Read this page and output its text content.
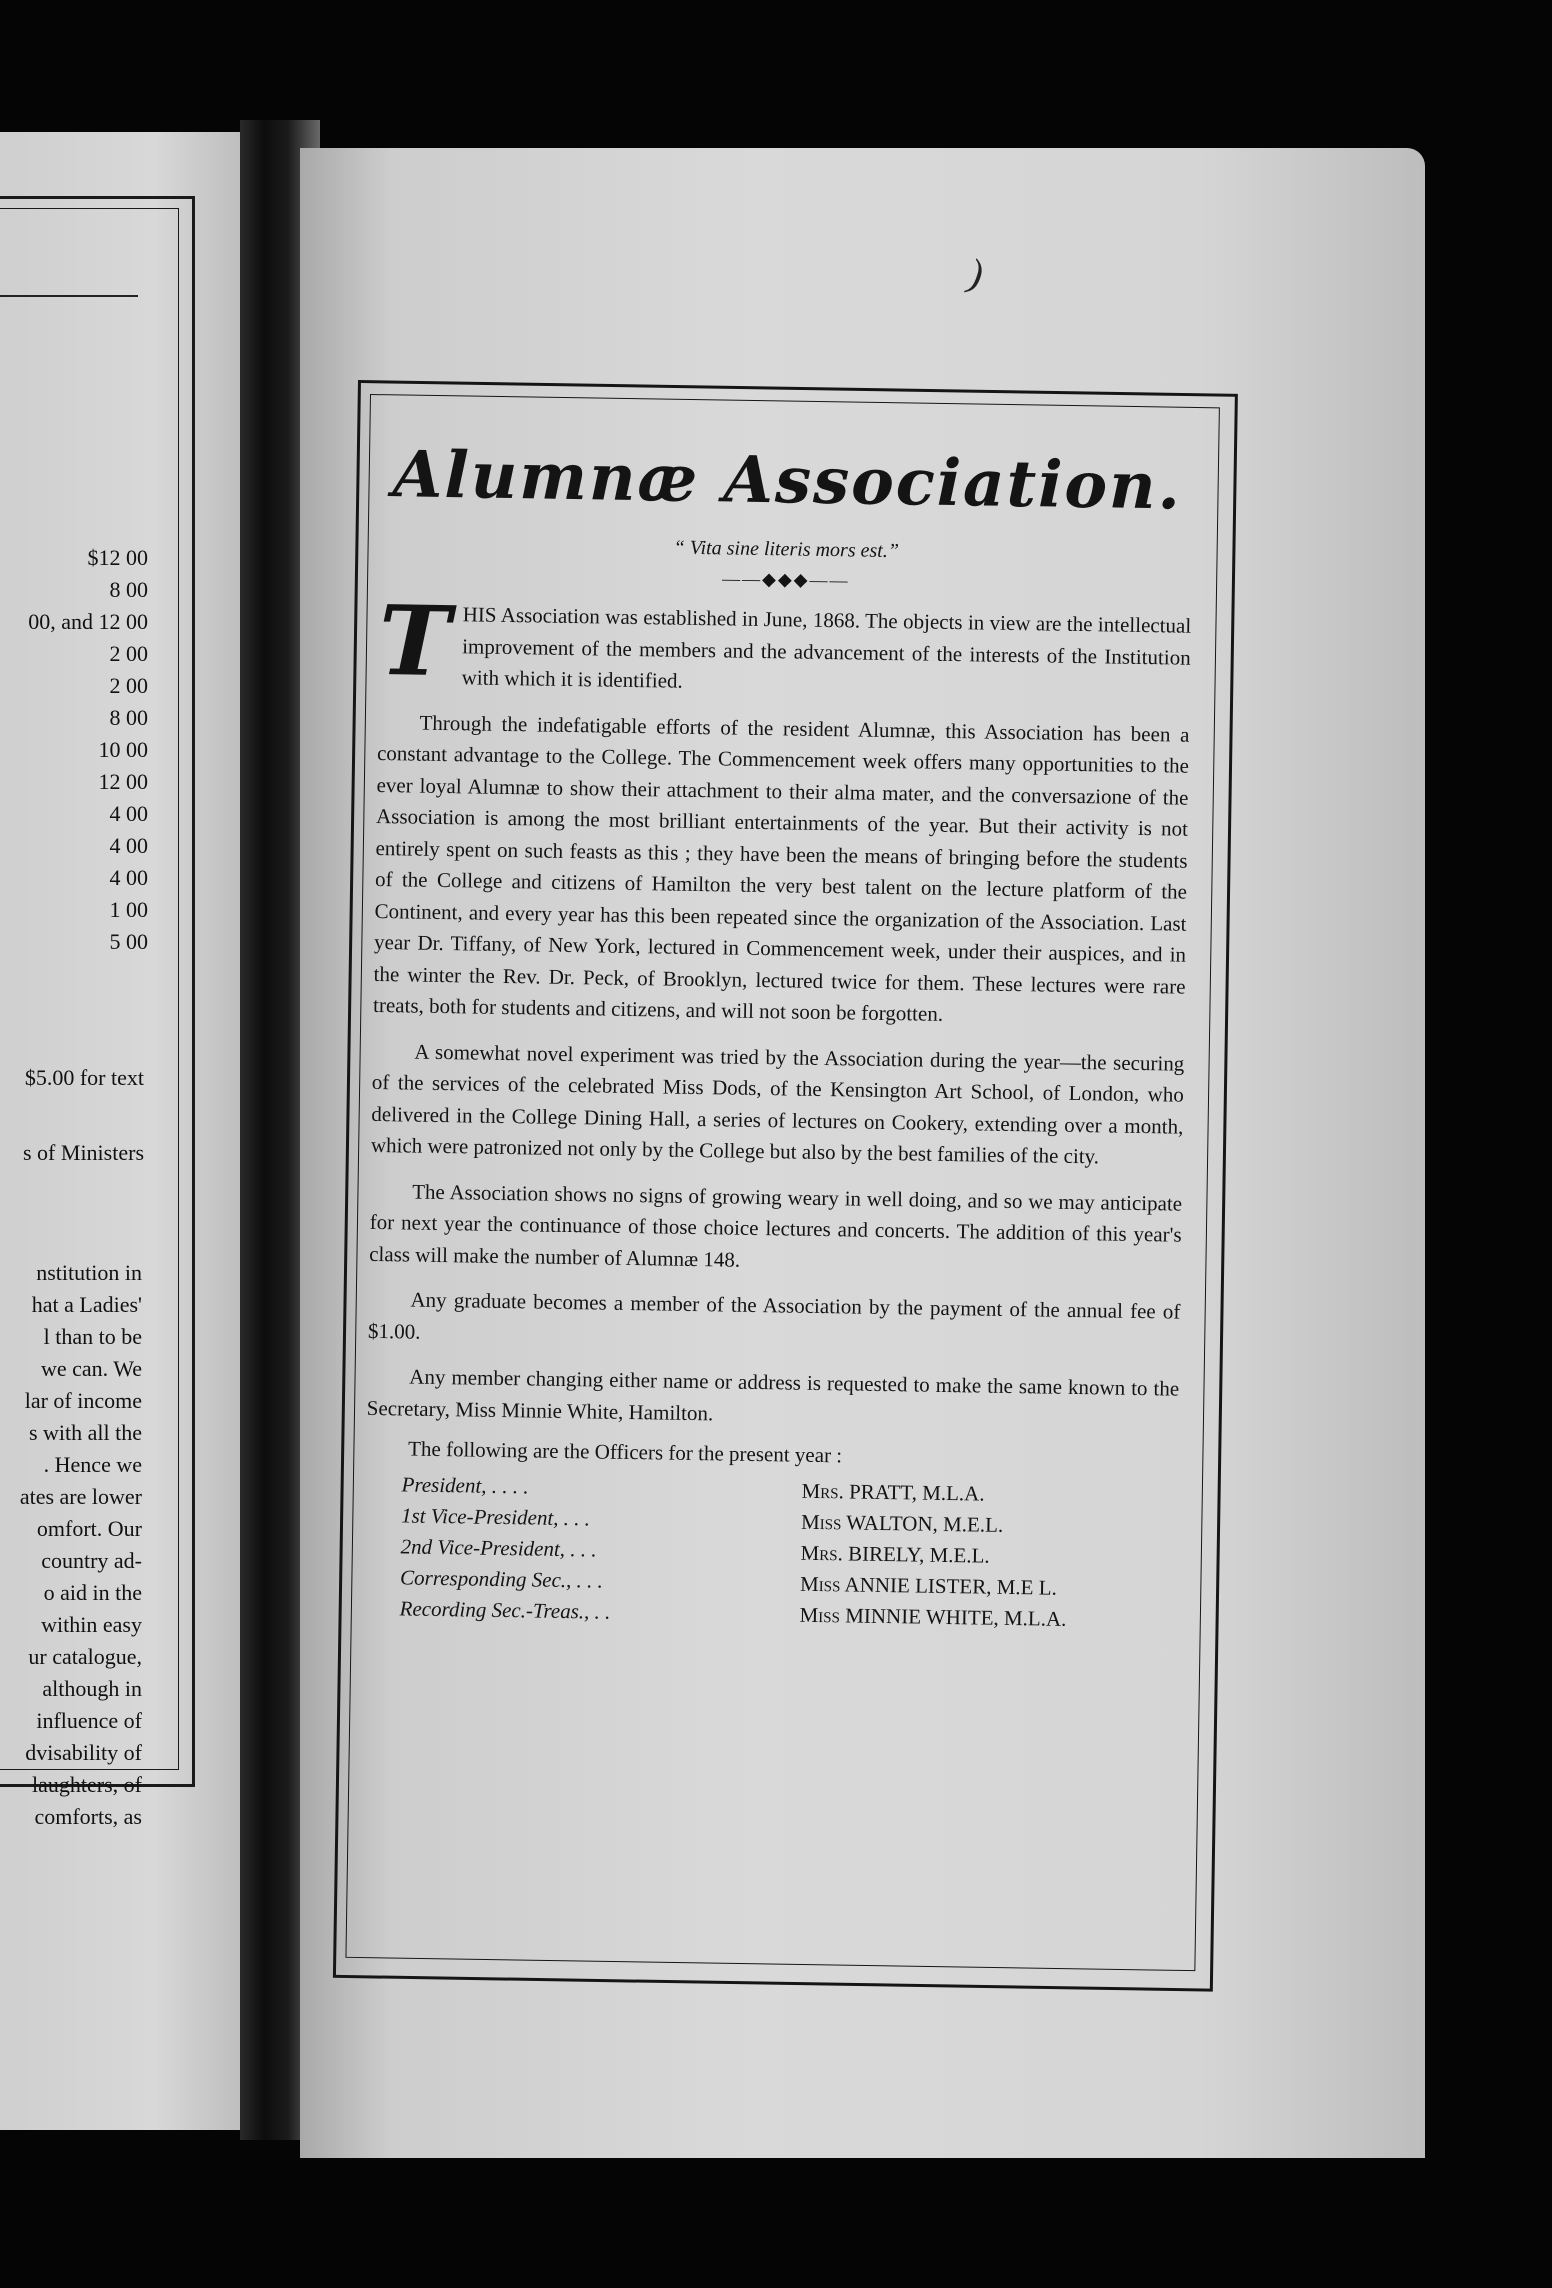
$12 00
8 00
00, and 12 00
2 00
2 00
8 00
10 00
12 00
4 00
4 00
4 00
1 00
5 00
$5.00 for text
s of Ministers
nstitution in
hat a Ladies'
l than to be
we can. We
lar of income
s with all the
. Hence we
ates are lower
omfort. Our
country ad-
o aid in the
within easy
ur catalogue,
although in
influence of
dvisability of
laughters, of
comforts, as
)
Alumnæ Association.
“ Vita sine literis mors est.”
——◆◆◆——

THIS Association was established in June, 1868. The objects in view are the intellectual improvement of the members and the advancement of the interests of the Institution with which it is identified.

Through the indefatigable efforts of the resident Alumnæ, this Association has been a constant advantage to the College. The Commencement week offers many opportunities to the ever loyal Alumnæ to show their attachment to their alma mater, and the conversazione of the Association is among the most brilliant entertainments of the year. But their activity is not entirely spent on such feasts as this ; they have been the means of bringing before the students of the College and citizens of Hamilton the very best talent on the lecture platform of the Continent, and every year has this been repeated since the organization of the Association. Last year Dr. Tiffany, of New York, lectured in Commencement week, under their auspices, and in the winter the Rev. Dr. Peck, of Brooklyn, lectured twice for them. These lectures were rare treats, both for students and citizens, and will not soon be forgotten.

A somewhat novel experiment was tried by the Association during the year—the securing of the services of the celebrated Miss Dods, of the Kensington Art School, of London, who delivered in the College Dining Hall, a series of lectures on Cookery, extending over a month, which were patronized not only by the College but also by the best families of the city.

The Association shows no signs of growing weary in well doing, and so we may anticipate for next year the continuance of those choice lectures and concerts. The addition of this year's class will make the number of Alumnæ 148.

Any graduate becomes a member of the Association by the payment of the annual fee of $1.00.

Any member changing either name or address is requested to make the same known to the Secretary, Miss Minnie White, Hamilton.

The following are the Officers for the present year :
President, . . . .	Mrs. PRATT, M.L.A.
1st Vice-President, . . .	Miss WALTON, M.E.L.
2nd Vice-President, . . .	Mrs. BIRELY, M.E.L.
Corresponding Sec., . . .	Miss ANNIE LISTER, M.E L.
Recording Sec.-Treas., . .	Miss MINNIE WHITE, M.L.A.
